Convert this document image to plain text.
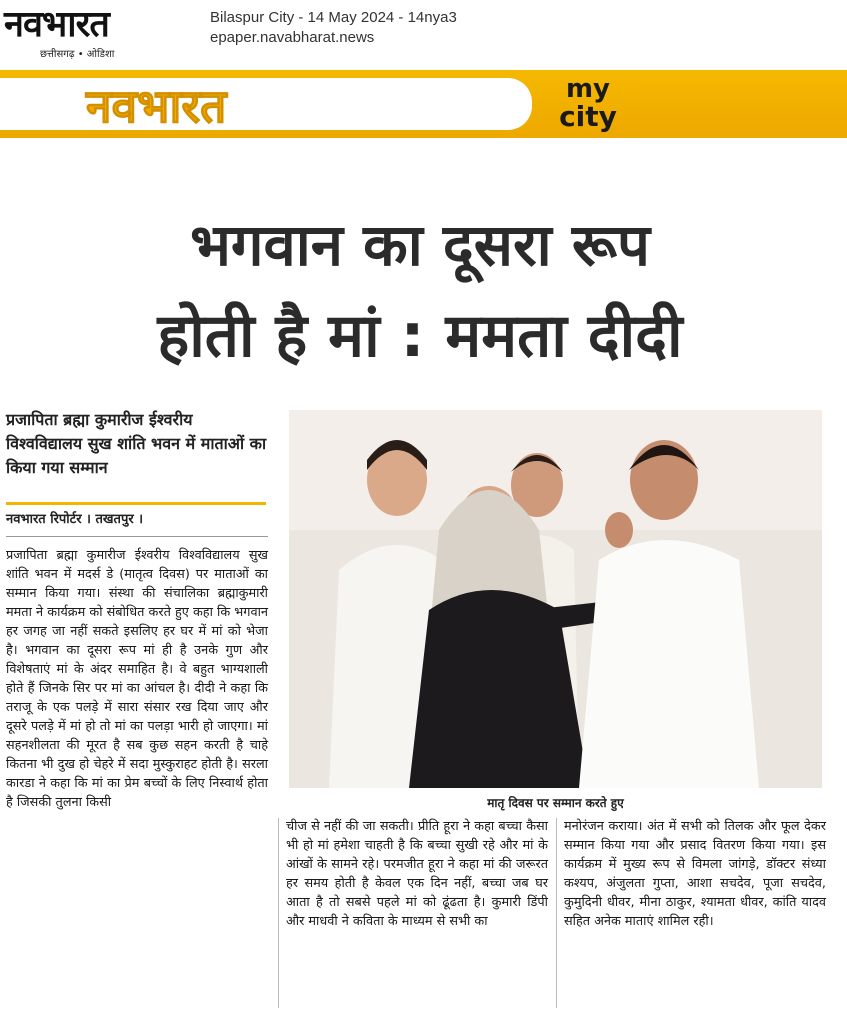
नवभारत
छत्तीसगढ़ • ओडिशा
Bilaspur City - 14 May 2024 - 14nya3
epaper.navabharat.news
नवभारत	my
city
भगवान का दूसरा रूप
होती है मां : ममता दीदी
प्रजापिता ब्रह्मा कुमारीज ईश्वरीय विश्वविद्यालय सुख शांति भवन में माताओं का किया गया सम्मान
नवभारत रिपोर्टर । तखतपुर ।
मातृ दिवस पर सम्मान करते हुए
प्रजापिता ब्रह्मा कुमारीज ईश्वरीय विश्वविद्यालय सुख शांति भवन में मदर्स डे (मातृत्व दिवस) पर माताओं का सम्मान किया गया। संस्था की संचालिका ब्रह्माकुमारी ममता ने कार्यक्रम को संबोधित करते हुए कहा कि भगवान हर जगह जा नहीं सकते इसलिए हर घर में मां को भेजा है। भगवान का दूसरा रूप मां ही है उनके गुण और विशेषताएं मां के अंदर समाहित है। वे बहुत भाग्यशाली होते हैं जिनके सिर पर मां का आंचल है। दीदी ने कहा कि तराजू के एक पलड़े में सारा संसार रख दिया जाए और दूसरे पलड़े में मां हो तो मां का पलड़ा भारी हो जाएगा। मां सहनशीलता की मूरत है सब कुछ सहन करती है चाहे कितना भी दुख हो चेहरे में सदा मुस्कुराहट होती है। सरला कारडा ने कहा कि मां का प्रेम बच्चों के लिए निस्वार्थ होता है जिसकी तुलना किसी
चीज से नहीं की जा सकती। प्रीति हूरा ने कहा बच्चा कैसा भी हो मां हमेशा चाहती है कि बच्चा सुखी रहे और मां के आंखों के सामने रहे। परमजीत हूरा ने कहा मां की जरूरत हर समय होती है केवल एक दिन नहीं, बच्चा जब घर आता है तो सबसे पहले मां को ढूंढता है। कुमारी डिंपी और माधवी ने कविता के माध्यम से सभी का
मनोरंजन कराया। अंत में सभी को तिलक और फूल देकर सम्मान किया गया और प्रसाद वितरण किया गया। इस कार्यक्रम में मुख्य रूप से विमला जांगड़े, डॉक्टर संध्या कश्यप, अंजुलता गुप्ता, आशा सचदेव, पूजा सचदेव, कुमुदिनी धीवर, मीना ठाकुर, श्यामता धीवर, कांति यादव सहित अनेक माताएं शामिल रही।
